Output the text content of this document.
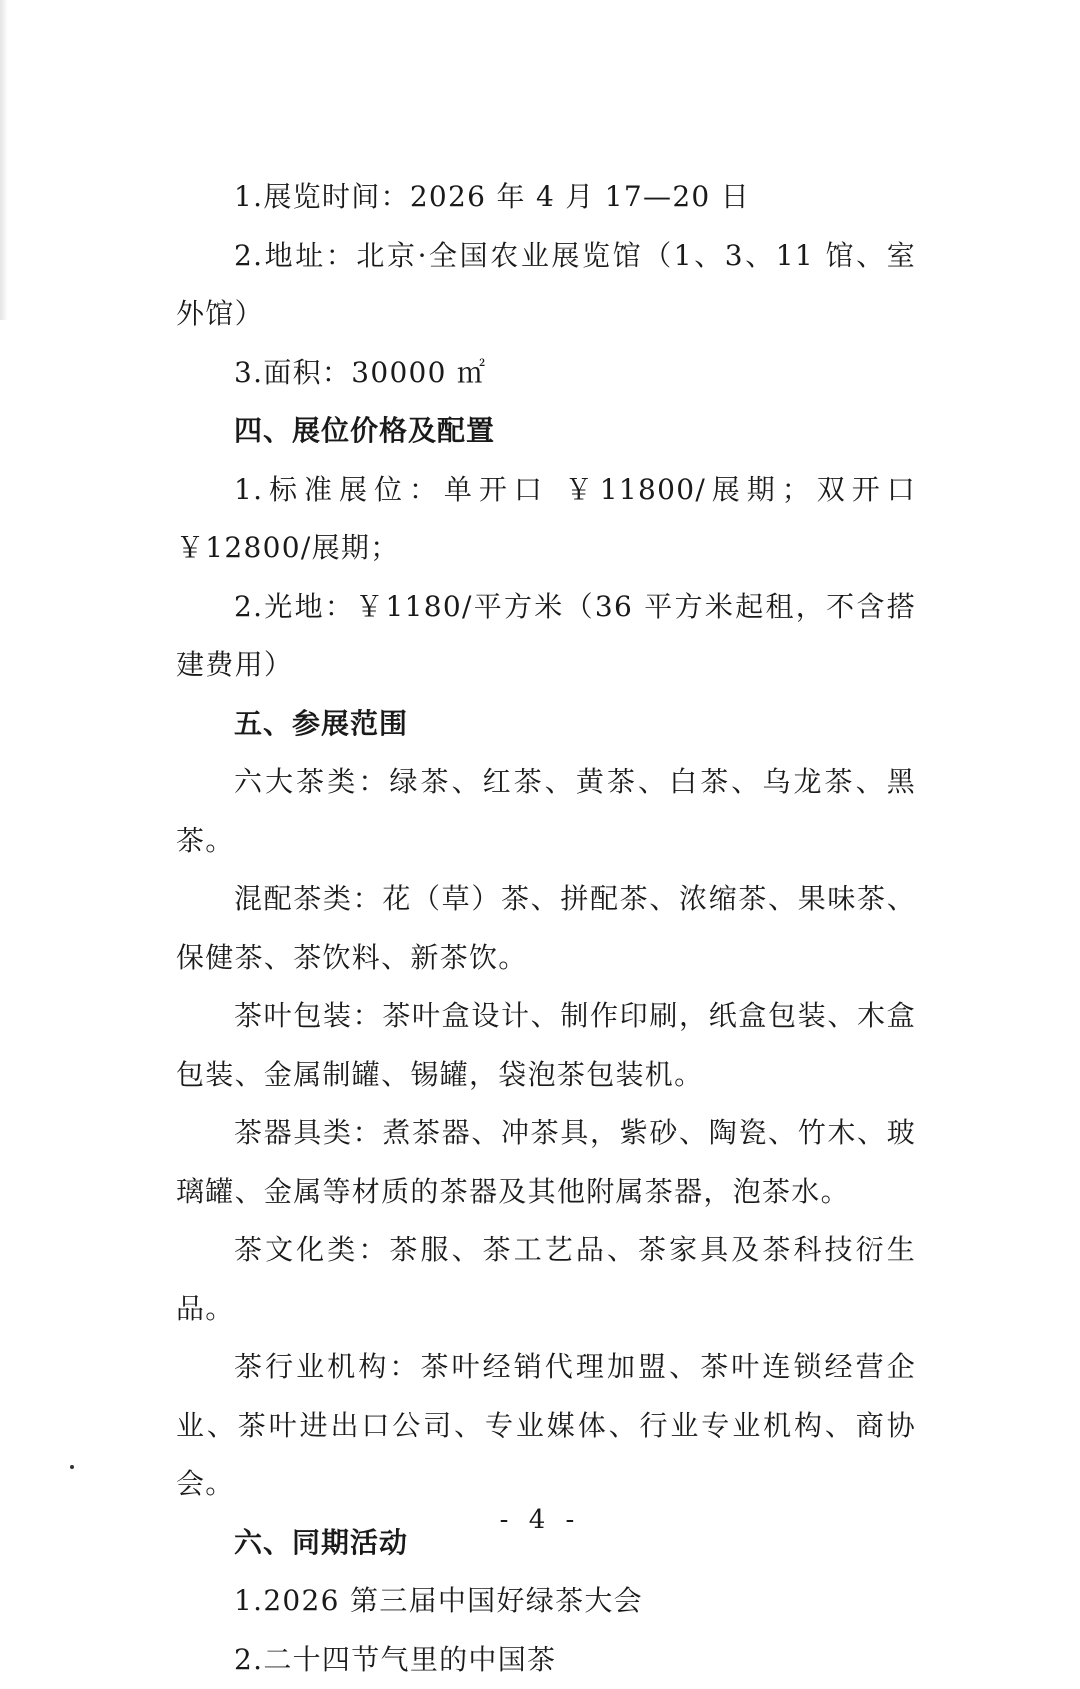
1.展览时间：2026 年 4 月 17—20 日

2.地址：北京·全国农业展览馆（1、3、11 馆、室外馆）

3.面积：30000 ㎡

四、展位价格及配置

1.标准展位：单开口 ￥11800/展期；双开口 ￥12800/展期；

2.光地：￥1180/平方米（36 平方米起租，不含搭建费用）

五、参展范围

六大茶类：绿茶、红茶、黄茶、白茶、乌龙茶、黑茶。

混配茶类：花（草）茶、拼配茶、浓缩茶、果味茶、保健茶、茶饮料、新茶饮。

茶叶包装：茶叶盒设计、制作印刷，纸盒包装、木盒包装、金属制罐、锡罐，袋泡茶包装机。

茶器具类：煮茶器、冲茶具，紫砂、陶瓷、竹木、玻璃罐、金属等材质的茶器及其他附属茶器，泡茶水。

茶文化类：茶服、茶工艺品、茶家具及茶科技衍生品。

茶行业机构：茶叶经销代理加盟、茶叶连锁经营企业、茶叶进出口公司、专业媒体、行业专业机构、商协会。

六、同期活动

1.2026 第三届中国好绿茶大会

2.二十四节气里的中国茶

- 4 -
